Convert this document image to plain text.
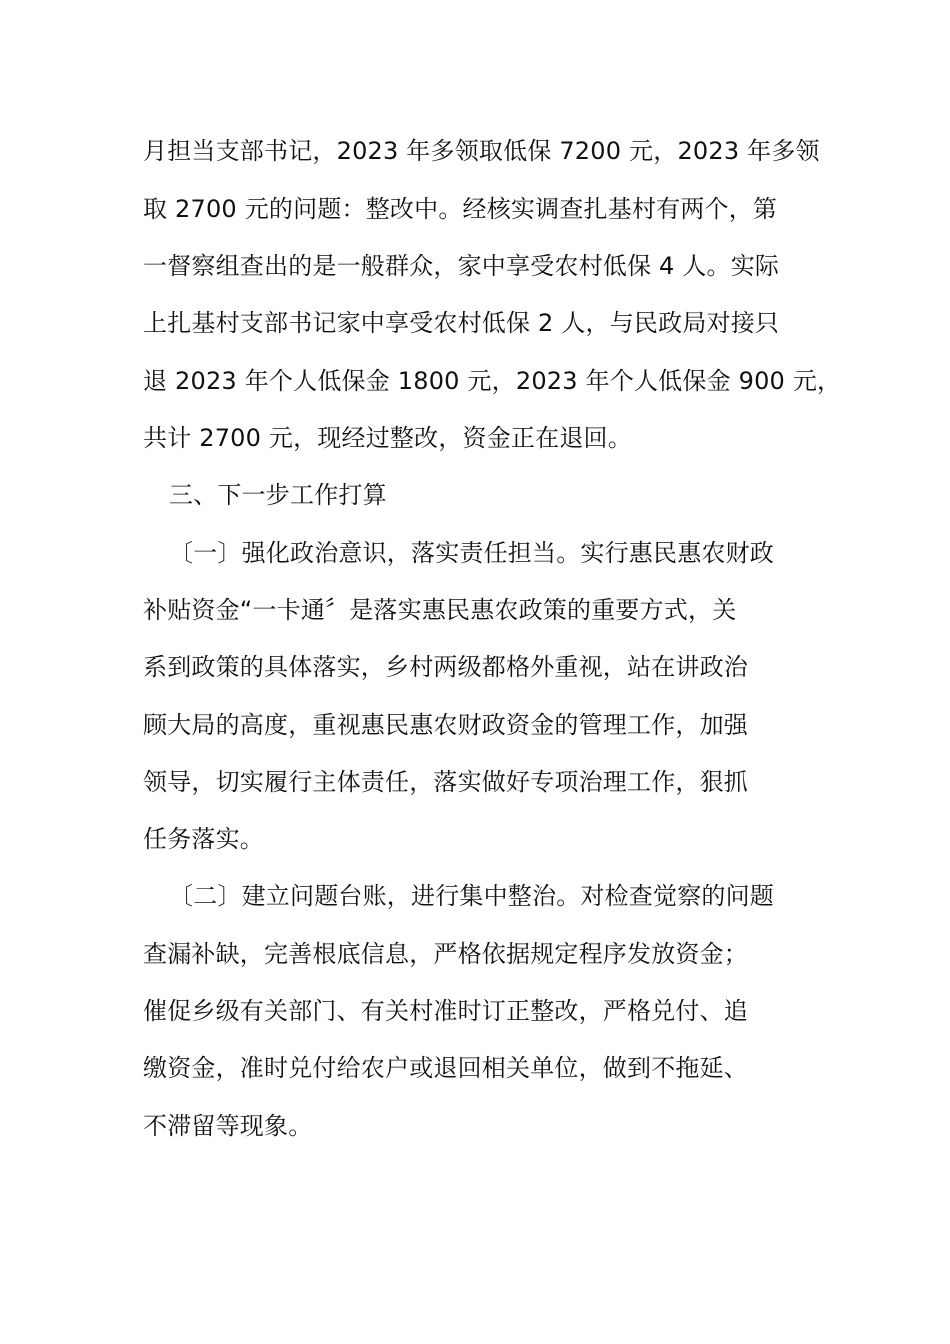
月担当支部书记，2023 年多领取低保 7200 元，2023 年多领
取 2700 元的问题：整改中。经核实调查扎基村有两个，第
一督察组查出的是一般群众，家中享受农村低保 4 人。实际
上扎基村支部书记家中享受农村低保 2 人，与民政局对接只
退 2023 年个人低保金 1800 元，2023 年个人低保金 900 元，
共计 2700 元，现经过整改，资金正在退回。
三、下一步工作打算
〔一〕强化政治意识，落实责任担当。实行惠民惠农财政
补贴资金“一卡通〞是落实惠民惠农政策的重要方式，关
系到政策的具体落实，乡村两级都格外重视，站在讲政治
顾大局的高度，重视惠民惠农财政资金的管理工作，加强
领导，切实履行主体责任，落实做好专项治理工作，狠抓
任务落实。
〔二〕建立问题台账，进行集中整治。对检查觉察的问题
查漏补缺，完善根底信息，严格依据规定程序发放资金；
催促乡级有关部门、有关村准时订正整改，严格兑付、追
缴资金，准时兑付给农户或退回相关单位，做到不拖延、
不滞留等现象。
